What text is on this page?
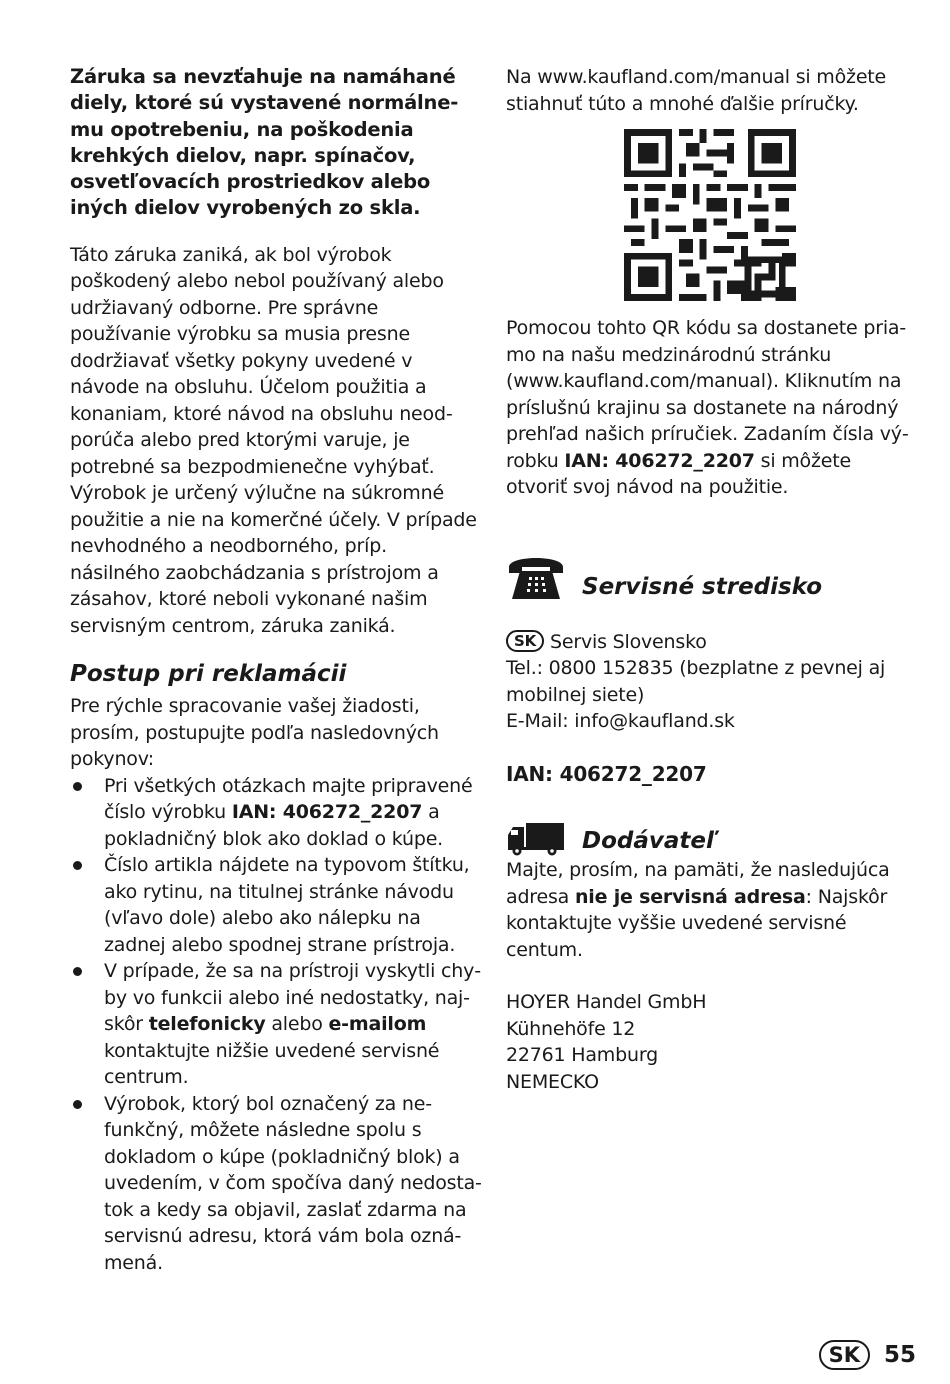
Záruka sa nevzťahuje na namáhané diely, ktoré sú vystavené normálnemu opotrebeniu, na poškodenia krehkých dielov, napr. spínačov, osvetľovacích prostriedkov alebo iných dielov vyrobených zo skla.

Táto záruka zaniká, ak bol výrobok poškodený alebo nebol používaný alebo udržiavaný odborne. Pre správne používanie výrobku sa musia presne dodržiavať všetky pokyny uvedené v návode na obsluhu. Účelom použitia a konaniam, ktoré návod na obsluhu neodporúča alebo pred ktorými varuje, je potrebné sa bezpodmienečne vyhýbať.

Výrobok je určený výlučne na súkromné použitie a nie na komerčné účely. V prípade nevhodného a neodborného, príp. násilného zaobchádzania s prístrojom a zásahov, ktoré neboli vykonané našim servisným centrom, záruka zaniká.

Postup pri reklamácii

Pre rýchle spracovanie vašej žiadosti, prosím, postupujte podľa nasledovných pokynov:

Pri všetkých otázkach majte pripravené číslo výrobku IAN: 406272_2207 a pokladničný blok ako doklad o kúpe.
Číslo artikla nájdete na typovom štítku, ako rytinu, na titulnej stránke návodu (vľavo dole) alebo ako nálepku na zadnej alebo spodnej strane prístroja.
V prípade, že sa na prístroji vyskytli chyby vo funkcii alebo iné nedostatky, najskôr telefonicky alebo e-mailom kontaktujte nižšie uvedené servisné centrum.
Výrobok, ktorý bol označený za nefunkčný, môžete následne spolu s dokladom o kúpe (pokladničný blok) a uvedením, v čom spočíva daný nedostatok a kedy sa objavil, zaslať zdarma na servisnú adresu, ktorá vám bola oznámená.

Na www.kaufland.com/manual si môžete stiahnuť túto a mnohé ďalšie príručky.

Pomocou tohto QR kódu sa dostanete priamo na našu medzinárodnú stránku (www.kaufland.com/manual). Kliknutím na príslušnú krajinu sa dostanete na národný prehľad našich príručiek. Zadaním čísla výrobku IAN: 406272_2207 si môžete otvoriť svoj návod na použitie.

Servisné stredisko

SK Servis Slovensko

Tel.: 0800 152835 (bezplatne z pevnej aj mobilnej siete)

E-Mail: info@kaufland.sk

IAN: 406272_2207

Dodávateľ

Majte, prosím, na pamäti, že nasledujúca adresa nie je servisná adresa: Najskôr kontaktujte vyššie uvedené servisné centum.

HOYER Handel GmbH

Kühnehöfe 12

22761 Hamburg

NEMECKO

SK	55
